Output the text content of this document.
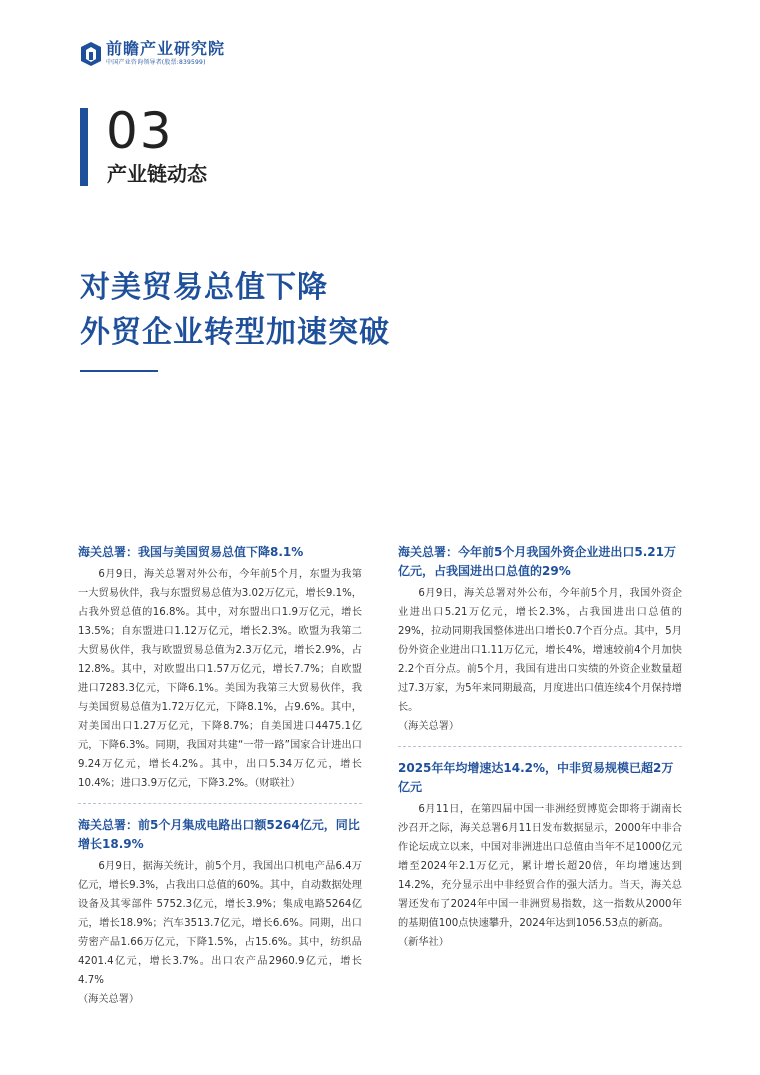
前瞻产业研究院
中国产业咨询领导者(股票:839599)
03
产业链动态
对美贸易总值下降
外贸企业转型加速突破

海关总署：我国与美国贸易总值下降8.1%

6月9日，海关总署对外公布，今年前5个月，东盟为我第一大贸易伙伴，我与东盟贸易总值为3.02万亿元，增长9.1%，占我外贸总值的16.8%。其中，对东盟出口1.9万亿元，增长13.5%；自东盟进口1.12万亿元，增长2.3%。欧盟为我第二大贸易伙伴，我与欧盟贸易总值为2.3万亿元，增长2.9%，占12.8%。其中，对欧盟出口1.57万亿元，增长7.7%；自欧盟进口7283.3亿元，下降6.1%。美国为我第三大贸易伙伴，我与美国贸易总值为1.72万亿元，下降8.1%，占9.6%。其中，对美国出口1.27万亿元，下降8.7%；自美国进口4475.1亿元，下降6.3%。同期，我国对共建“一带一路”国家合计进出口9.24万亿元，增长4.2%。其中，出口5.34万亿元，增长10.4%；进口3.9万亿元，下降3.2%。（财联社）

海关总署：前5个月集成电路出口额5264亿元，同比增长18.9%

6月9日，据海关统计，前5个月，我国出口机电产品6.4万亿元，增长9.3%，占我出口总值的60%。其中，自动数据处理设备及其零部件 5752.3亿元，增长3.9%；集成电路5264亿元，增长18.9%；汽车3513.7亿元，增长6.6%。同期，出口劳密产品1.66万亿元，下降1.5%，占15.6%。其中，纺织品4201.4亿元，增长3.7%。出口农产品2960.9亿元，增长4.7%

（海关总署）

海关总署：今年前5个月我国外资企业进出口5.21万亿元，占我国进出口总值的29%

6月9日，海关总署对外公布，今年前5个月，我国外资企业进出口5.21万亿元，增长2.3%，占我国进出口总值的29%，拉动同期我国整体进出口增长0.7个百分点。其中，5月份外资企业进出口1.11万亿元，增长4%，增速较前4个月加快2.2个百分点。前5个月，我国有进出口实绩的外资企业数量超过7.3万家，为5年来同期最高，月度进出口值连续4个月保持增长。

（海关总署）

2025年年均增速达14.2%，中非贸易规模已超2万亿元

6月11日，在第四届中国一非洲经贸博览会即将于湖南长沙召开之际，海关总署6月11日发布数据显示，2000年中非合作论坛成立以来，中国对非洲进出口总值由当年不足1000亿元增至2024年2.1万亿元，累计增长超20倍，年均增速达到14.2%，充分显示出中非经贸合作的强大活力。当天，海关总署还发布了2024年中国一非洲贸易指数，这一指数从2000年的基期值100点快速攀升，2024年达到1056.53点的新高。

（新华社）
